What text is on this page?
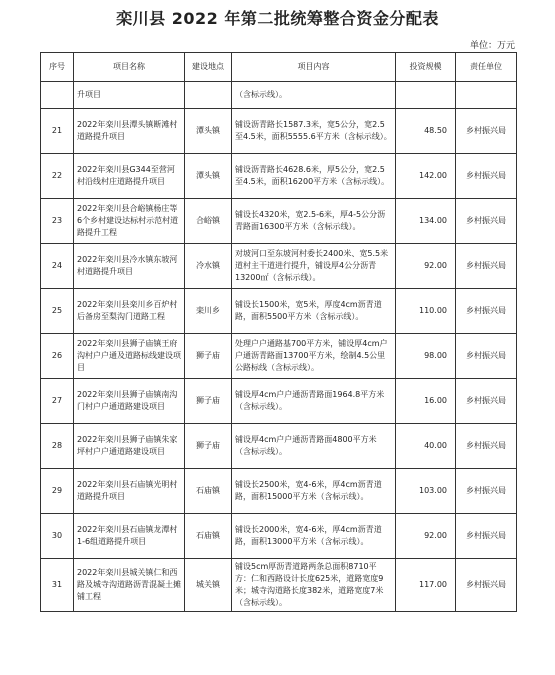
栾川县 2022 年第二批统筹整合资金分配表
单位：万元
序号	项目名称	建设地点	项目内容	投资规模	责任单位
	升项目		（含标示线）。		
21	2022年栾川县潭头镇断滩村道路提升项目	潭头镇	铺设沥青路长1587.3米，宽5公分，宽2.5至4.5米，面积5555.6平方米（含标示线）。	48.50	乡村振兴局
22	2022年栾川县G344至营河村沿线村庄道路提升项目	潭头镇	铺设沥青路长4628.6米，厚5公分，宽2.5至4.5米，面积16200平方米（含标示线）。	142.00	乡村振兴局
23	2022年栾川县合峪镇杨庄等6个乡村建设达标村示范村道路提升工程	合峪镇	铺设长4320米，宽2.5-6米，厚4-5公分沥青路面16300平方米（含标示线）。	134.00	乡村振兴局
24	2022年栾川县冷水镇东坡河村道路提升项目	冷水镇	对坡河口至东坡河村委长2400米、宽5.5米道村主干道进行提升，铺设厚4公分沥青13200㎡（含标示线）。	92.00	乡村振兴局
25	2022年栾川县栾川乡百炉村后备房至梨沟门道路工程	栾川乡	铺设长1500米，宽5米，厚度4cm沥青道路，面积5500平方米（含标示线）。	110.00	乡村振兴局
26	2022年栾川县狮子庙镇王府沟村户户通及道路标线建设项目	狮子庙	处理户户通路基700平方米，铺设厚4cm户户通沥青路面13700平方米，绘制4.5公里公路标线（含标示线）。	98.00	乡村振兴局
27	2022年栾川县狮子庙镇南沟门村户户通道路建设项目	狮子庙	铺设厚4cm户户通沥青路面1964.8平方米（含标示线）。	16.00	乡村振兴局
28	2022年栾川县狮子庙镇朱家坪村户户通道路建设项目	狮子庙	铺设厚4cm户户通沥青路面4800平方米（含标示线）。	40.00	乡村振兴局
29	2022年栾川县石庙镇光明村道路提升项目	石庙镇	铺设长2500米，宽4-6米，厚4cm沥青道路，面积15000平方米（含标示线）。	103.00	乡村振兴局
30	2022年栾川县石庙镇龙潭村1-6组道路提升项目	石庙镇	铺设长2000米，宽4-6米，厚4cm沥青道路，面积13000平方米（含标示线）。	92.00	乡村振兴局
31	2022年栾川县城关镇仁和西路及城寺沟道路沥青混凝土摊铺工程	城关镇	铺设5cm厚沥青道路两条总面积8710平方：仁和西路设计长度625米，道路宽度9米；城寺沟道路长度382米，道路宽度7米（含标示线）。	117.00	乡村振兴局
